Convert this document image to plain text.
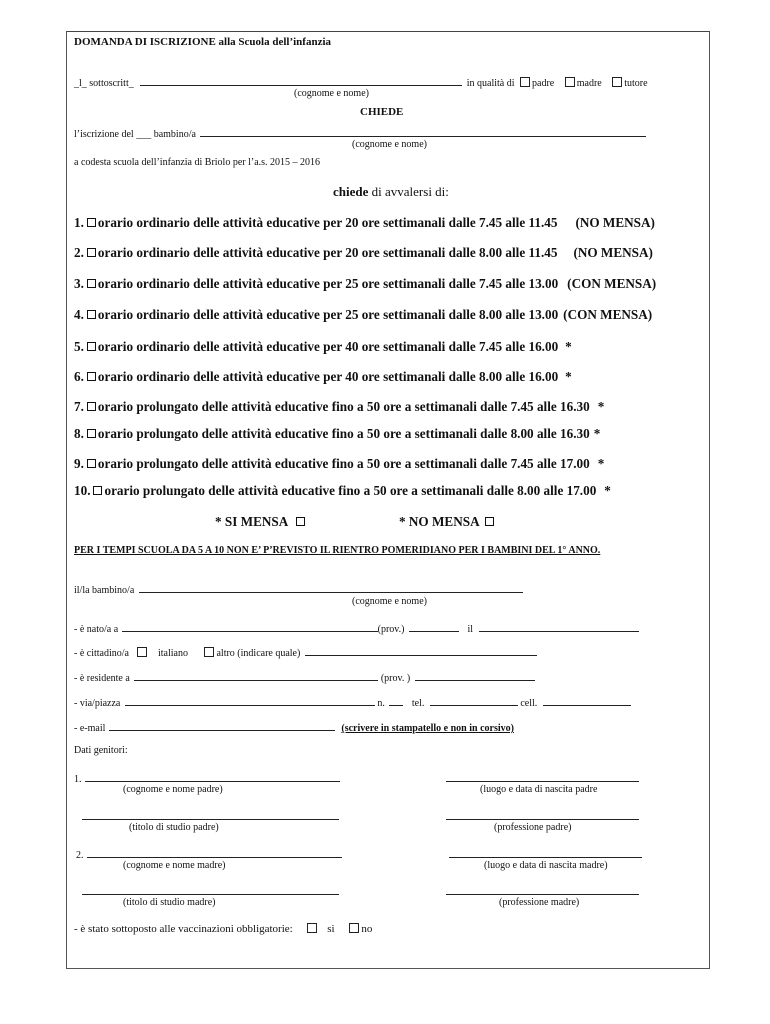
DOMANDA DI ISCRIZIONE alla Scuola dell’infanzia
_l_ sottoscritt_	in qualità di padre madre tutore
(cognome e nome)
CHIEDE
l’iscrizione del ___ bambino/a
(cognome e nome)
a codesta scuola dell’infanzia di Briolo per l’a.s. 2015 – 2016
chiede di avvalersi di:
1. orario ordinario delle attività educative per 20 ore settimanali dalle 7.45 alle 11.45 (NO MENSA)
2. orario ordinario delle attività educative per 20 ore settimanali dalle 8.00 alle 11.45 (NO MENSA)
3. orario ordinario delle attività educative per 25 ore settimanali dalle 7.45 alle 13.00 (CON MENSA)
4. orario ordinario delle attività educative per 25 ore settimanali dalle 8.00 alle 13.00 (CON MENSA)
5. orario ordinario delle attività educative per 40 ore settimanali dalle 7.45 alle 16.00 *
6. orario ordinario delle attività educative per 40 ore settimanali dalle 8.00 alle 16.00 *
7. orario prolungato delle attività educative fino a 50 ore a settimanali dalle 7.45 alle 16.30 *
8. orario prolungato delle attività educative fino a 50 ore a settimanali dalle 8.00 alle 16.30 *
9. orario prolungato delle attività educative fino a 50 ore a settimanali dalle 7.45 alle 17.00 *
10. orario prolungato delle attività educative fino a 50 ore a settimanali dalle 8.00 alle 17.00 *
* SI MENSA	* NO MENSA
PER I TEMPI SCUOLA DA 5 A 10 NON E’ P’REVISTO IL RIENTRO POMERIDIANO PER I BAMBINI DEL 1° ANNO.
il/la bambino/a
(cognome e nome)
- è nato/a a	(prov.)	il
- è cittadino/a	italiano	altro (indicare quale)
- è residente a	(prov. )
- via/piazza	n.	tel.	cell.
- e-mail	(scrivere in stampatello e non in corsivo)
Dati genitori:
1.
(cognome e nome padre)	(luogo e data di nascita padre
(titolo di studio padre)	(professione padre)
2.
(cognome e nome madre)	(luogo e data di nascita madre)
(titolo di studio madre)	(professione madre)
- è stato sottoposto alle vaccinazioni obbligatorie:	si no
